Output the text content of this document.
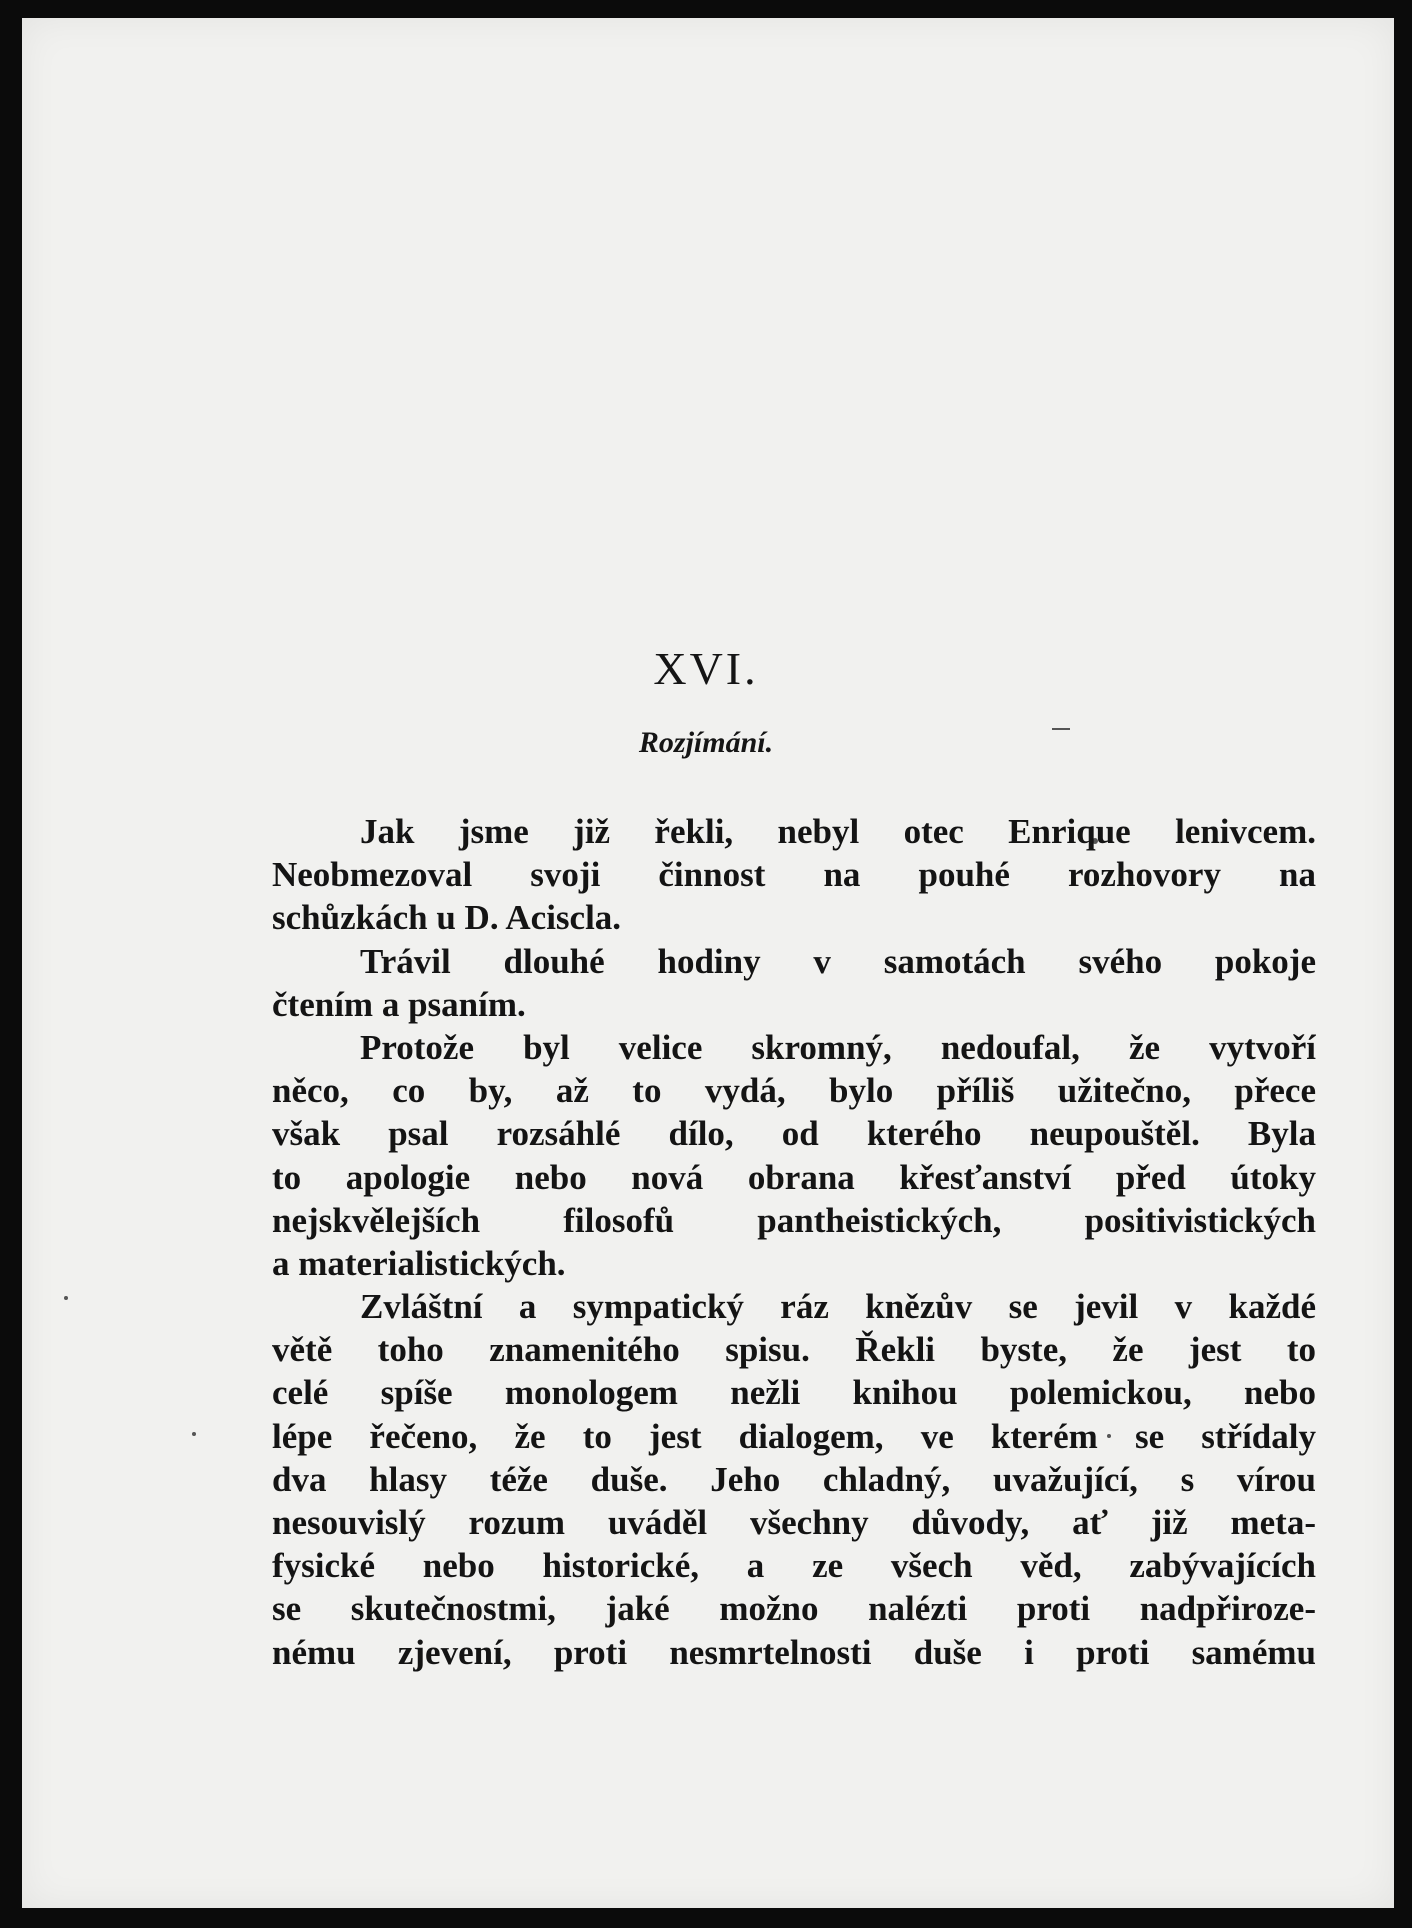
XVI.
Rozjímání.
Jak jsme již řekli, nebyl otec Enrique lenivcem.
Neobmezoval svoji činnost na pouhé rozhovory na
schůzkách u D. Aciscla.
Trávil dlouhé hodiny v samotách svého pokoje
čtením a psaním.
Protože byl velice skromný, nedoufal, že vytvoří
něco, co by, až to vydá, bylo příliš užitečno, přece
však psal rozsáhlé dílo, od kterého neupouštěl. Byla
to apologie nebo nová obrana křesťanství před útoky
nejskvělejších filosofů pantheistických, positivistických
a materialistických.
Zvláštní a sympatický ráz knězův se jevil v každé
větě toho znamenitého spisu. Řekli byste, že jest to
celé spíše monologem nežli knihou polemickou, nebo
lépe řečeno, že to jest dialogem, ve kterém se střídaly
dva hlasy téže duše. Jeho chladný, uvažující, s vírou
nesouvislý rozum uváděl všechny důvody, ať již meta-
fysické nebo historické, a ze všech věd, zabývajících
se skutečnostmi, jaké možno nalézti proti nadpřiroze-
nému zjevení, proti nesmrtelnosti duše i proti samému
